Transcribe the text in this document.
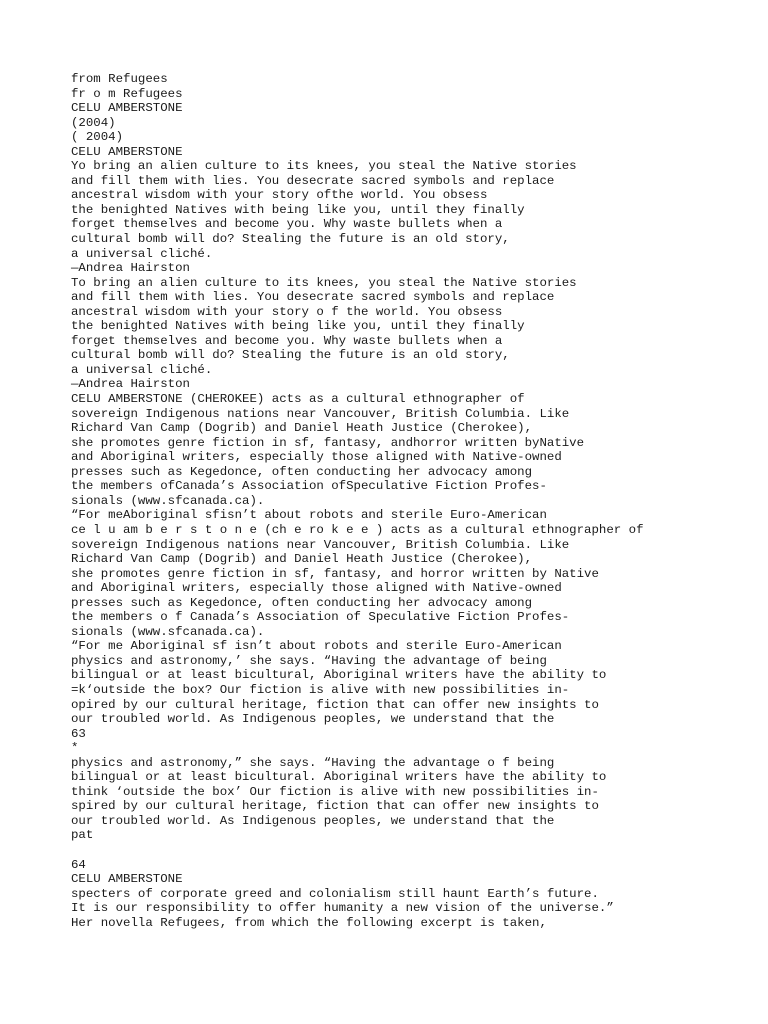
from Refugees
fr o m Refugees
CELU AMBERSTONE
(2004)
( 2004)
CELU AMBERSTONE
Yo bring an alien culture to its knees, you steal the Native stories
and fill them with lies. You desecrate sacred symbols and replace
ancestral wisdom with your story ofthe world. You obsess
the benighted Natives with being like you, until they finally
forget themselves and become you. Why waste bullets when a
cultural bomb will do? Stealing the future is an old story,
a universal cliché.
—Andrea Hairston
To bring an alien culture to its knees, you steal the Native stories
and fill them with lies. You desecrate sacred symbols and replace
ancestral wisdom with your story o f the world. You obsess
the benighted Natives with being like you, until they finally
forget themselves and become you. Why waste bullets when a
cultural bomb will do? Stealing the future is an old story,
a universal cliché.
—Andrea Hairston
CELU AMBERSTONE (CHEROKEE) acts as a cultural ethnographer of
sovereign Indigenous nations near Vancouver, British Columbia. Like
Richard Van Camp (Dogrib) and Daniel Heath Justice (Cherokee),
she promotes genre fiction in sf, fantasy, andhorror written byNative
and Aboriginal writers, especially those aligned with Native-owned
presses such as Kegedonce, often conducting her advocacy among
the members ofCanada’s Association ofSpeculative Fiction Profes-
sionals (www.sfcanada.ca).
“For meAboriginal sfisn’t about robots and sterile Euro-American
ce l u am b e r s t o n e (ch e ro k e e ) acts as a cultural ethnographer of
sovereign Indigenous nations near Vancouver, British Columbia. Like
Richard Van Camp (Dogrib) and Daniel Heath Justice (Cherokee),
she promotes genre fiction in sf, fantasy, and horror written by Native
and Aboriginal writers, especially those aligned with Native-owned
presses such as Kegedonce, often conducting her advocacy among
the members o f Canada’s Association of Speculative Fiction Profes-
sionals (www.sfcanada.ca).
“For me Aboriginal sf isn’t about robots and sterile Euro-American
physics and astronomy,’ she says. “Having the advantage of being
bilingual or at least bicultural, Aboriginal writers have the ability to
=k‘outside the box? Our fiction is alive with new possibilities in-
opired by our cultural heritage, fiction that can offer new insights to
our troubled world. As Indigenous peoples, we understand that the
63
*
physics and astronomy,” she says. “Having the advantage o f being
bilingual or at least bicultural. Aboriginal writers have the ability to
think ‘outside the box’ Our fiction is alive with new possibilities in-
spired by our cultural heritage, fiction that can offer new insights to
our troubled world. As Indigenous peoples, we understand that the
pat
64
CELU AMBERSTONE
specters of corporate greed and colonialism still haunt Earth’s future.
It is our responsibility to offer humanity a new vision of the universe.”
Her novella Refugees, from which the following excerpt is taken,
